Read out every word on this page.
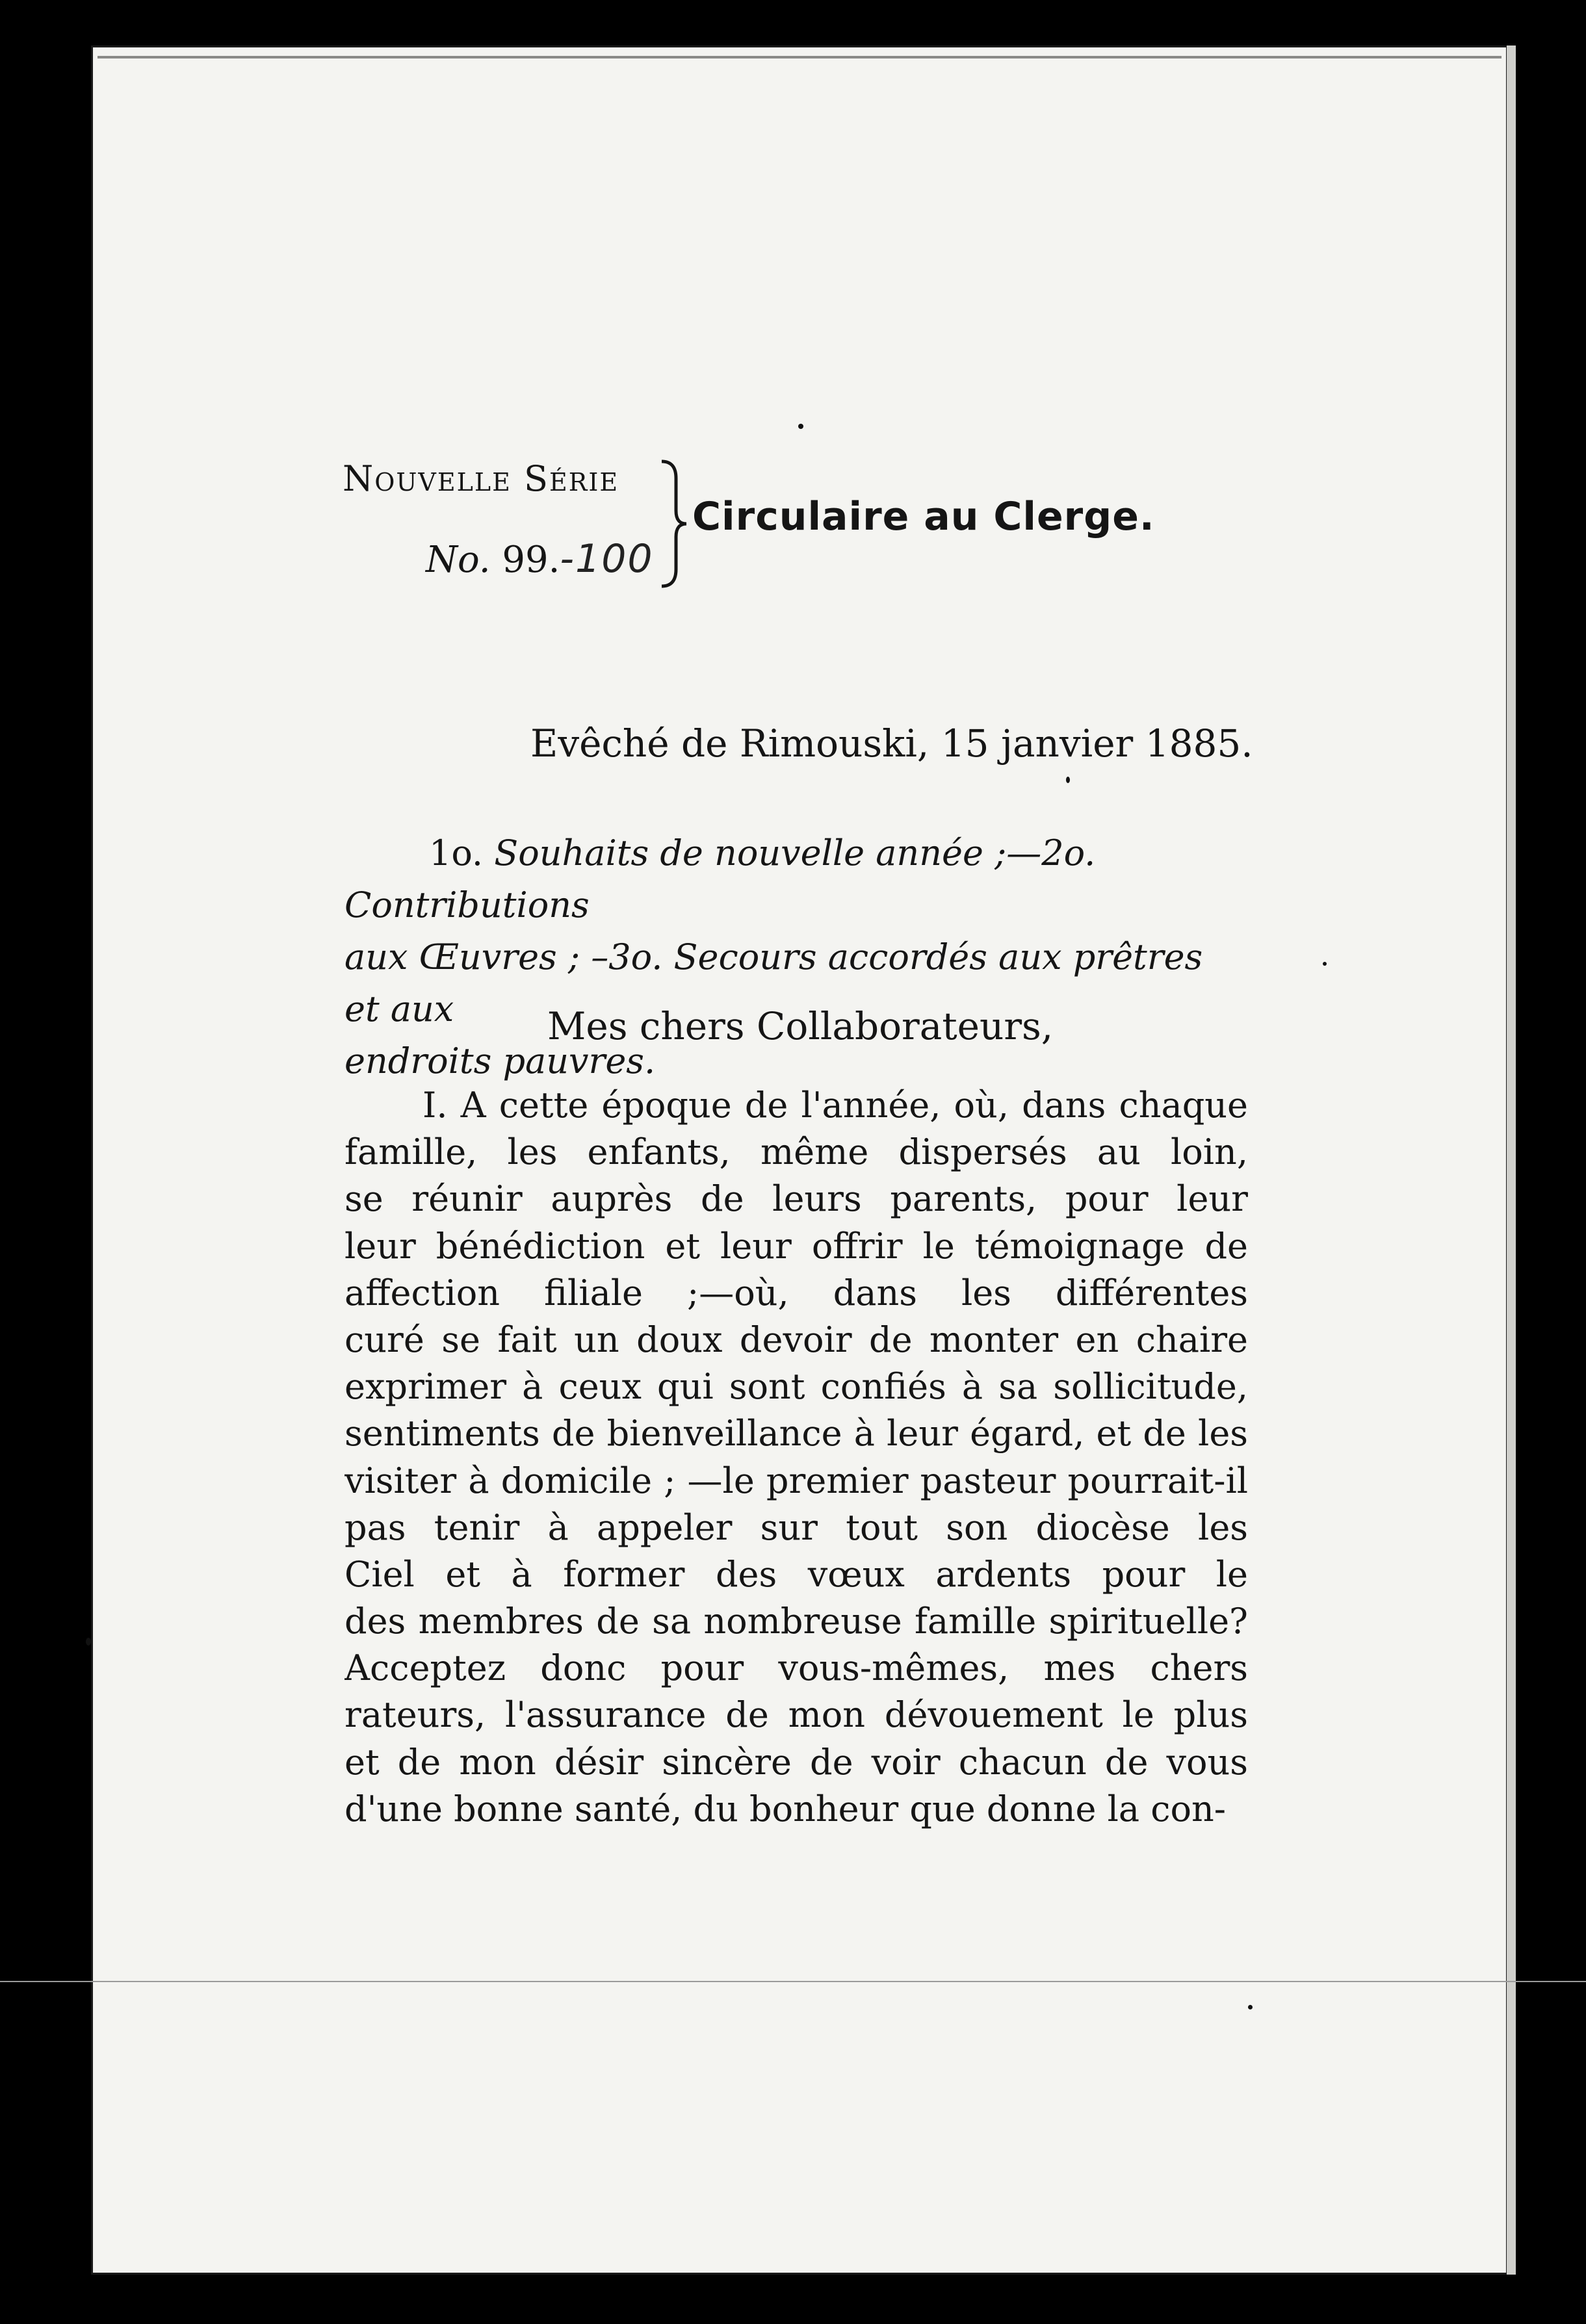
Nouvelle Série
No. 99.-100
Circulaire au Clerge.
Evêché de Rimouski, 15 janvier 1885.
1o. Souhaits de nouvelle année ;—2o. Contributions
aux Œuvres ; –3o. Secours accordés aux prêtres et aux
endroits pauvres.
Mes chers Collaborateurs,
I. A cette époque de l'année, où, dans chaque
famille, les enfants, même dispersés au loin,
se réunir auprès de leurs parents, pour leur
leur bénédiction et leur offrir le témoignage de
affection filiale ;—où, dans les différentes
curé se fait un doux devoir de monter en chaire
exprimer à ceux qui sont confiés à sa sollicitude,
sentiments de bienveillance à leur égard, et de les
visiter à domicile ; —le premier pasteur pourrait-il
pas tenir à appeler sur tout son diocèse les
Ciel et à former des vœux ardents pour le
des membres de sa nombreuse famille spirituelle?
Acceptez donc pour vous-mêmes, mes chers
rateurs, l'assurance de mon dévouement le plus
et de mon désir sincère de voir chacun de vous
d'une bonne santé, du bonheur que donne la con-
